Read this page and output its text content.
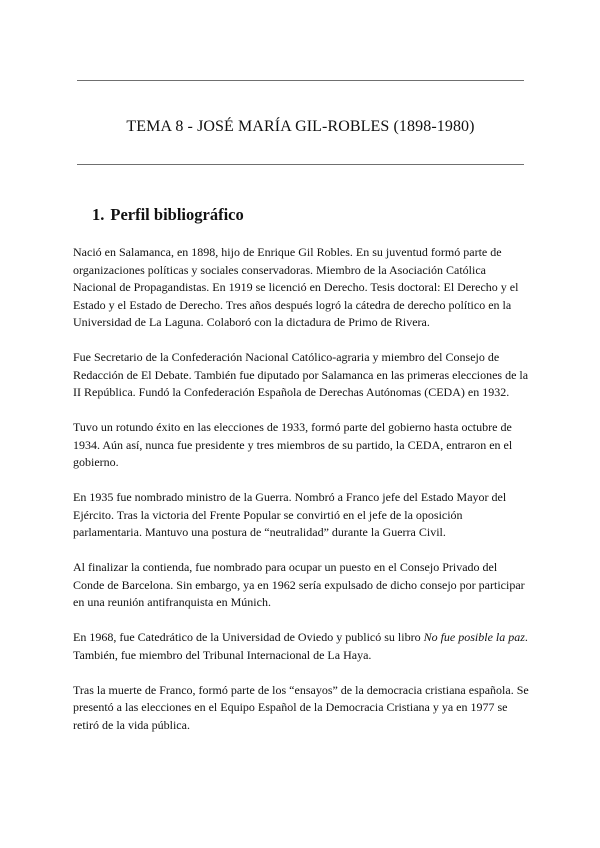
TEMA 8 - JOSÉ MARÍA GIL-ROBLES (1898-1980)
1. Perfil bibliográfico

Nació en Salamanca, en 1898, hijo de Enrique Gil Robles. En su juventud formó parte de organizaciones políticas y sociales conservadoras. Miembro de la Asociación Católica Nacional de Propagandistas. En 1919 se licenció en Derecho. Tesis doctoral: El Derecho y el Estado y el Estado de Derecho. Tres años después logró la cátedra de derecho político en la Universidad de La Laguna. Colaboró con la dictadura de Primo de Rivera.

Fue Secretario de la Confederación Nacional Católico-agraria y miembro del Consejo de Redacción de El Debate. También fue diputado por Salamanca en las primeras elecciones de la II República. Fundó la Confederación Española de Derechas Autónomas (CEDA) en 1932.

Tuvo un rotundo éxito en las elecciones de 1933, formó parte del gobierno hasta octubre de 1934. Aún así, nunca fue presidente y tres miembros de su partido, la CEDA, entraron en el gobierno.

En 1935 fue nombrado ministro de la Guerra. Nombró a Franco jefe del Estado Mayor del Ejército. Tras la victoria del Frente Popular se convirtió en el jefe de la oposición parlamentaria. Mantuvo una postura de “neutralidad” durante la Guerra Civil.

Al finalizar la contienda, fue nombrado para ocupar un puesto en el Consejo Privado del Conde de Barcelona. Sin embargo, ya en 1962 sería expulsado de dicho consejo por participar en una reunión antifranquista en Múnich.

En 1968, fue Catedrático de la Universidad de Oviedo y publicó su libro No fue posible la paz. También, fue miembro del Tribunal Internacional de La Haya.

Tras la muerte de Franco, formó parte de los “ensayos” de la democracia cristiana española. Se presentó a las elecciones en el Equipo Español de la Democracia Cristiana y ya en 1977 se retiró de la vida pública.
